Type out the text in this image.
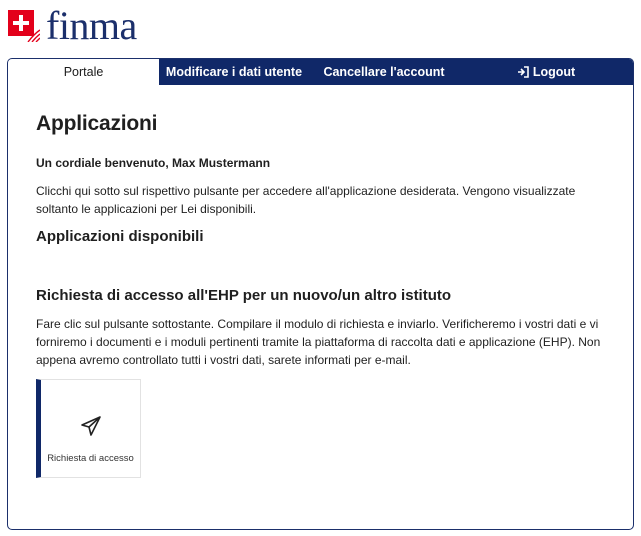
finma
Portale	Modificare i dati utente	Cancellare l'account	Logout
Applicazioni

Un cordiale benvenuto, Max Mustermann

Clicchi qui sotto sul rispettivo pulsante per accedere all'applicazione desiderata. Vengono visualizzate soltanto le applicazioni per Lei disponibili.

Applicazioni disponibili
Richiesta di accesso all'EHP per un nuovo/un altro istituto

Fare clic sul pulsante sottostante. Compilare il modulo di richiesta e inviarlo. Verificheremo i vostri dati e vi forniremo i documenti e i moduli pertinenti tramite la piattaforma di raccolta dati e applicazione (EHP). Non appena avremo controllato tutti i vostri dati, sarete informati per e-mail.

Richiesta di accesso
